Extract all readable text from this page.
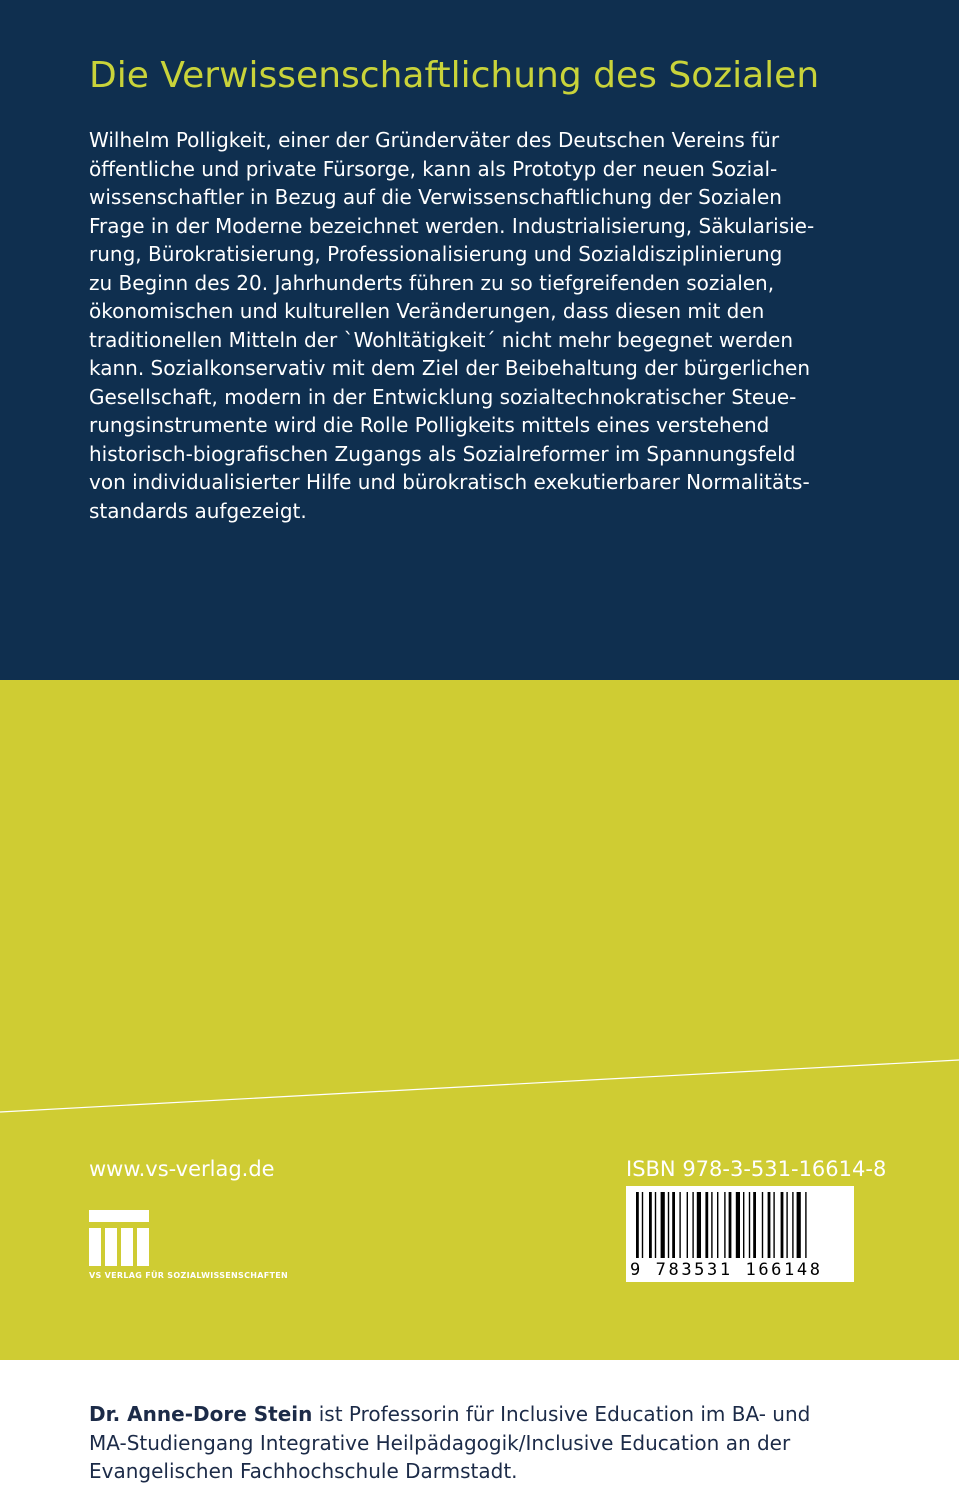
Die Verwissenschaftlichung des Sozialen
Wilhelm Polligkeit, einer der Gründerväter des Deutschen Vereins für
öffentliche und private Fürsorge, kann als Prototyp der neuen Sozial-
wissenschaftler in Bezug auf die Verwissenschaftlichung der Sozialen
Frage in der Moderne bezeichnet werden. Industrialisierung, Säkularisie-
rung, Bürokratisierung, Professionalisierung und Sozialdisziplinierung
zu Beginn des 20. Jahrhunderts führen zu so tiefgreifenden sozialen,
ökonomischen und kulturellen Veränderungen, dass diesen mit den
traditionellen Mitteln der `Wohltätigkeit´ nicht mehr begegnet werden
kann. Sozialkonservativ mit dem Ziel der Beibehaltung der bürgerlichen
Gesellschaft, modern in der Entwicklung sozialtechnokratischer Steue-
rungsinstrumente wird die Rolle Polligkeits mittels eines verstehend
historisch-biografischen Zugangs als Sozialreformer im Spannungsfeld
von individualisierter Hilfe und bürokratisch exekutierbarer Normalitäts-
standards aufgezeigt.
Dr. Anne-Dore Stein ist Professorin für Inclusive Education im BA- und
MA-Studiengang Integrative Heilpädagogik/Inclusive Education an der
Evangelischen Fachhochschule Darmstadt.
www.vs-verlag.de	ISBN 978-3-531-16614-8
VS VERLAG FÜR SOZIALWISSENSCHAFTEN	9 783531 166148
